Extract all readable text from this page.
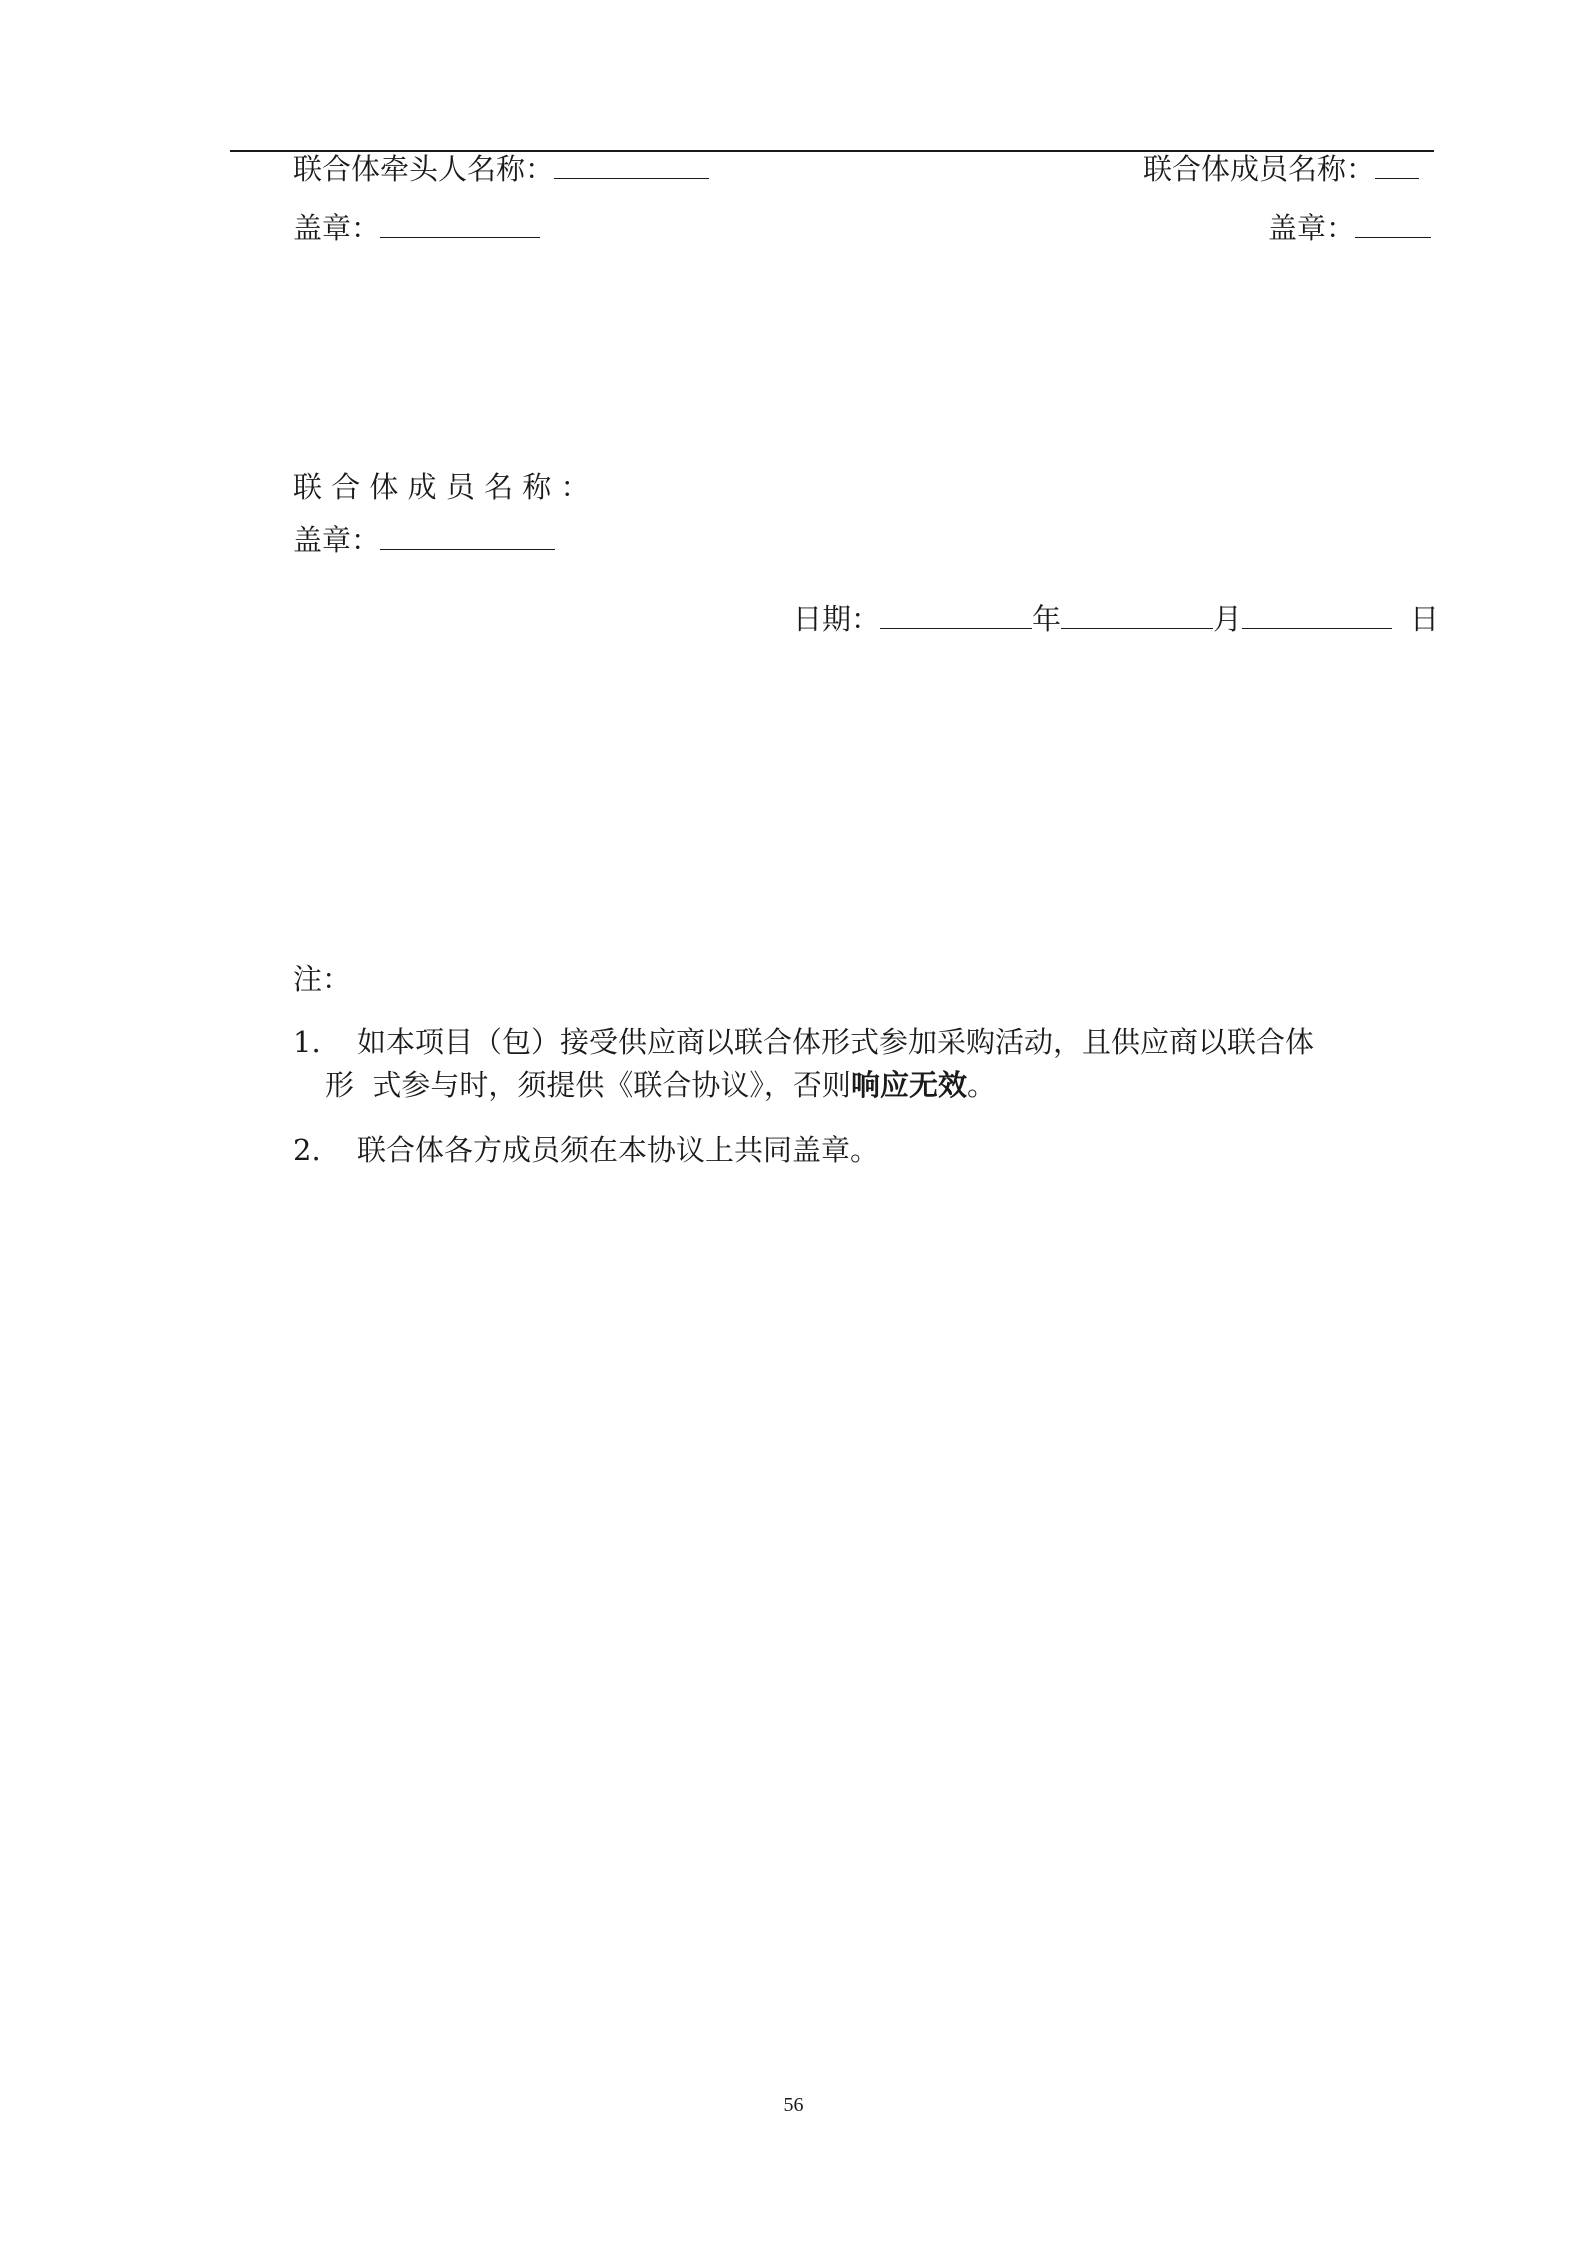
联合体牵头人名称：	联合体成员名称：
盖章：	盖章：
联 合 体 成 员 名 称 ：
盖章：
日期：	年	月	日
注：
1. 如本项目（包）接受供应商以联合体形式参加采购活动，且供应商以联合体
形  式参与时，须提供《联合协议》，否则响应无效。
2. 联合体各方成员须在本协议上共同盖章。
56
